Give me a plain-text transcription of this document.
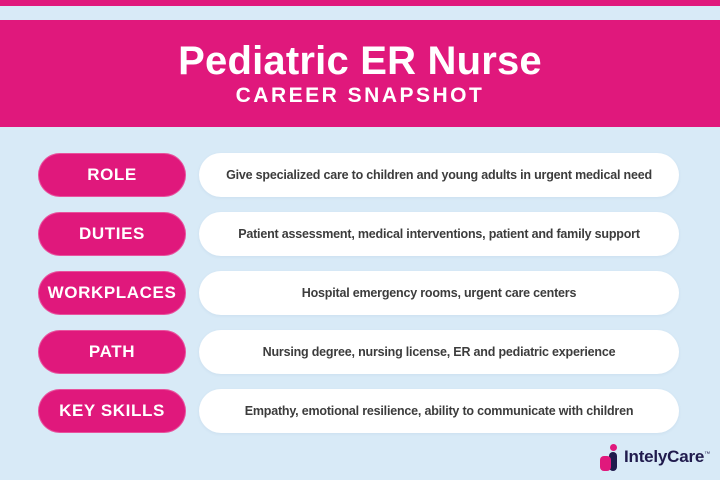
Pediatric ER Nurse
CAREER SNAPSHOT
ROLE	Give specialized care to children and young adults in urgent medical need
DUTIES	Patient assessment, medical interventions, patient and family support
WORKPLACES	Hospital emergency rooms, urgent care centers
PATH	Nursing degree, nursing license, ER and pediatric experience
KEY SKILLS	Empathy, emotional resilience, ability to communicate with children
IntelyCare™
